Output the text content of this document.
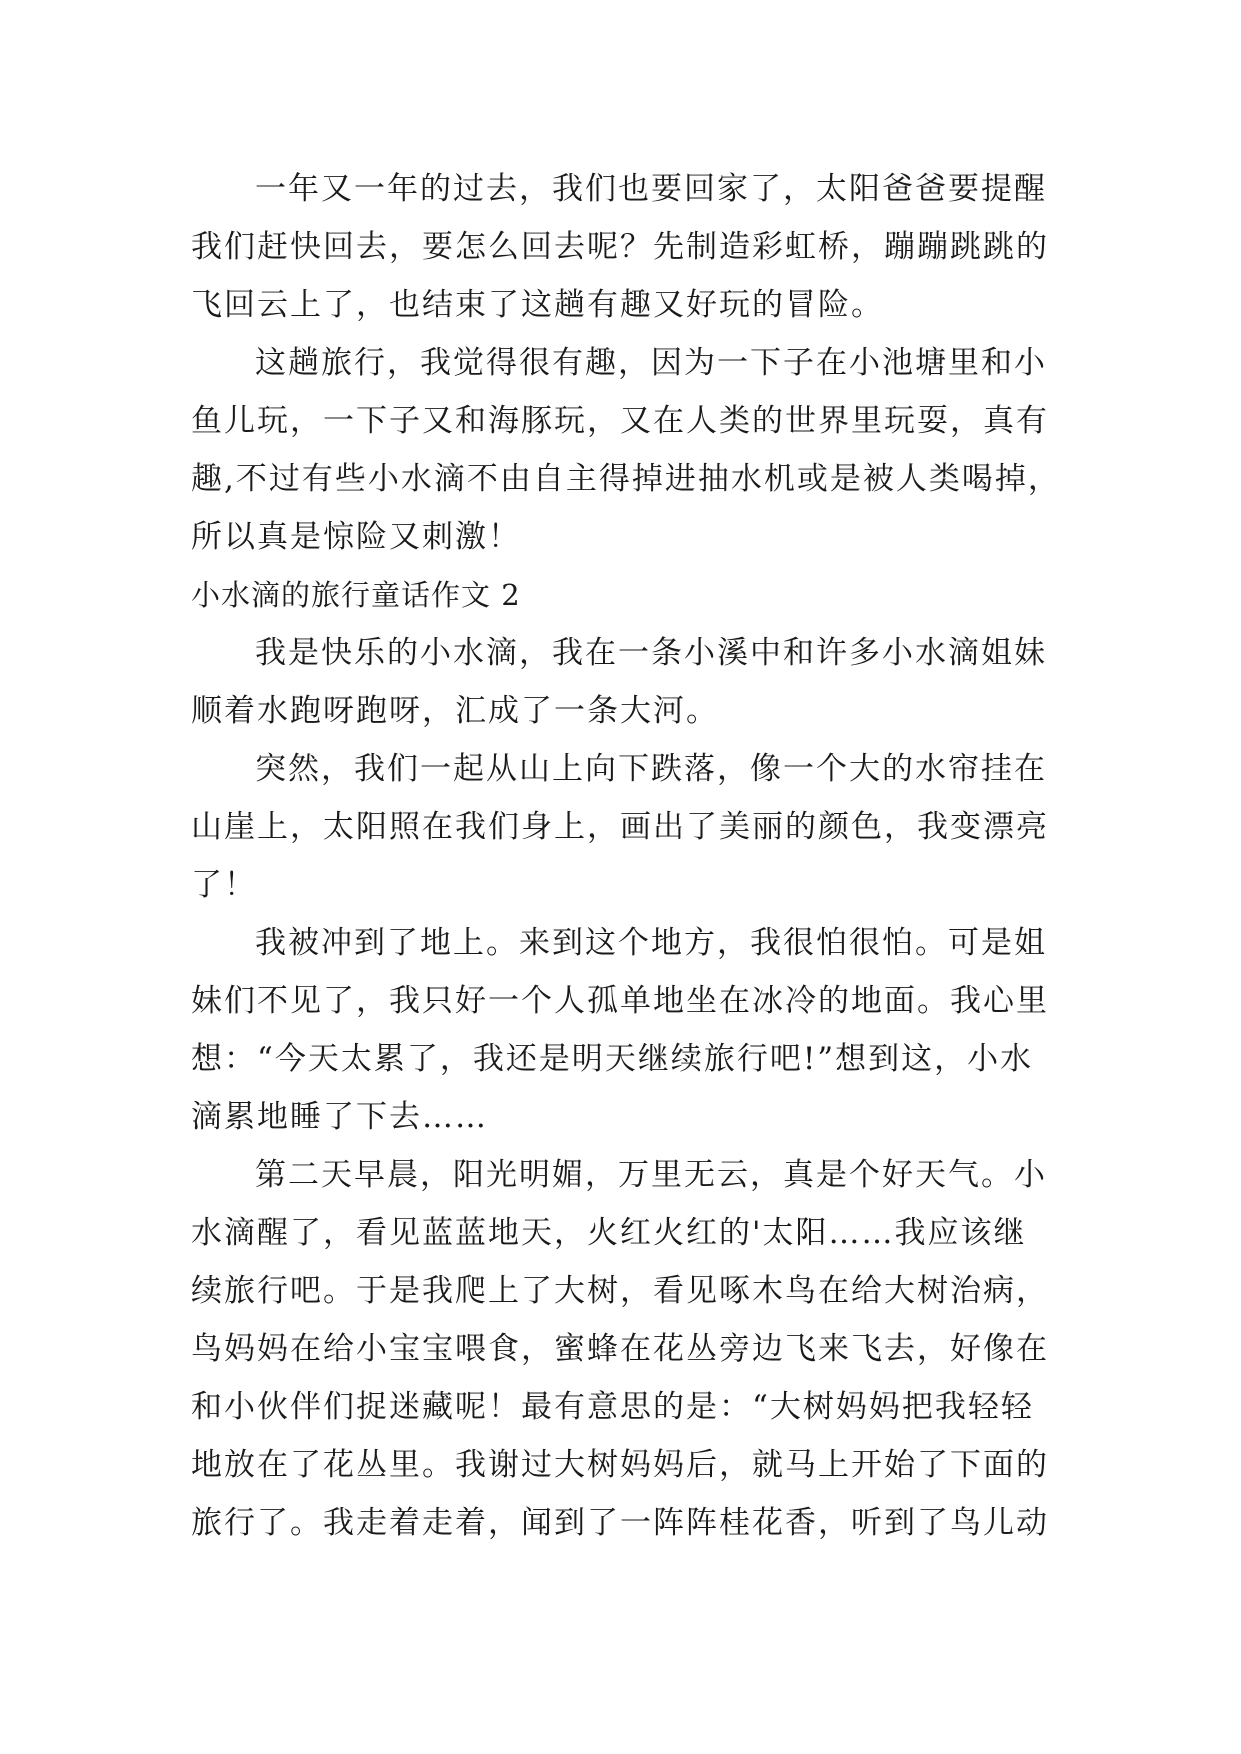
一年又一年的过去，我们也要回家了，太阳爸爸要提醒
我们赶快回去，要怎么回去呢？先制造彩虹桥，蹦蹦跳跳的
飞回云上了，也结束了这趟有趣又好玩的冒险。
这趟旅行，我觉得很有趣，因为一下子在小池塘里和小
鱼儿玩，一下子又和海豚玩，又在人类的世界里玩耍，真有
趣,不过有些小水滴不由自主得掉进抽水机或是被人类喝掉，
所以真是惊险又刺激！
小水滴的旅行童话作文 2
我是快乐的小水滴，我在一条小溪中和许多小水滴姐妹
顺着水跑呀跑呀，汇成了一条大河。
突然，我们一起从山上向下跌落，像一个大的水帘挂在
山崖上，太阳照在我们身上，画出了美丽的颜色，我变漂亮
了！
我被冲到了地上。来到这个地方，我很怕很怕。可是姐
妹们不见了，我只好一个人孤单地坐在冰冷的地面。我心里
想：“今天太累了，我还是明天继续旅行吧!”想到这，小水
滴累地睡了下去……
第二天早晨，阳光明媚，万里无云，真是个好天气。小
水滴醒了，看见蓝蓝地天，火红火红的'太阳……我应该继
续旅行吧。于是我爬上了大树，看见啄木鸟在给大树治病，
鸟妈妈在给小宝宝喂食，蜜蜂在花丛旁边飞来飞去，好像在
和小伙伴们捉迷藏呢！最有意思的是：“大树妈妈把我轻轻
地放在了花丛里。我谢过大树妈妈后，就马上开始了下面的
旅行了。我走着走着，闻到了一阵阵桂花香，听到了鸟儿动
